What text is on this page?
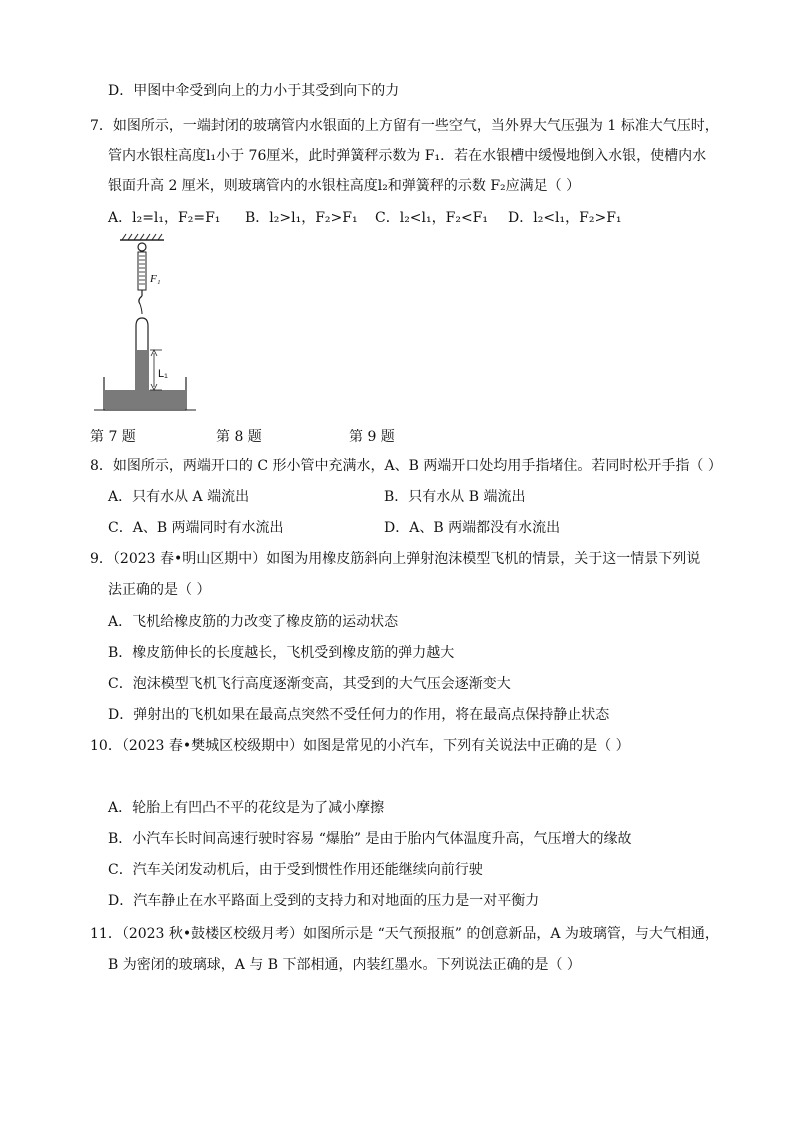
D．甲图中伞受到向上的力小于其受到向下的力
7．如图所示，一端封闭的玻璃管内水银面的上方留有一些空气，当外界大气压强为 1 标准大气压时，
管内水银柱高度l₁小于 76厘米，此时弹簧秤示数为 F₁．若在水银槽中缓慢地倒入水银，使槽内水
银面升高 2 厘米，则玻璃管内的水银柱高度l₂和弹簧秤的示数 F₂应满足（ ）
A．l₂=l₁，F₂=F₁ B．l₂>l₁，F₂>F₁ C．l₂<l₁，F₂<F₁ D．l₂<l₁，F₂>F₁
L₁
F₁
第 7 题	第 8 题	第 9 题
8．如图所示，两端开口的 C 形小管中充满水，A、B 两端开口处均用手指堵住。若同时松开手指（ ）
A．只有水从 A 端流出	B．只有水从 B 端流出
C．A、B 两端同时有水流出	D．A、B 两端都没有水流出
9．（2023 春•明山区期中）如图为用橡皮筋斜向上弹射泡沫模型飞机的情景，关于这一情景下列说
法正确的是（ ）
A．飞机给橡皮筋的力改变了橡皮筋的运动状态
B．橡皮筋伸长的长度越长，飞机受到橡皮筋的弹力越大
C．泡沫模型飞机飞行高度逐渐变高，其受到的大气压会逐渐变大
D．弹射出的飞机如果在最高点突然不受任何力的作用，将在最高点保持静止状态
10．（2023 春•樊城区校级期中）如图是常见的小汽车，下列有关说法中正确的是（ ）
A．轮胎上有凹凸不平的花纹是为了减小摩擦
B．小汽车长时间高速行驶时容易 “爆胎” 是由于胎内气体温度升高，气压增大的缘故
C．汽车关闭发动机后，由于受到惯性作用还能继续向前行驶
D．汽车静止在水平路面上受到的支持力和对地面的压力是一对平衡力
11．（2023 秋•鼓楼区校级月考）如图所示是 “天气预报瓶” 的创意新品，A 为玻璃管，与大气相通，
B 为密闭的玻璃球，A 与 B 下部相通，内装红墨水。下列说法正确的是（ ）
